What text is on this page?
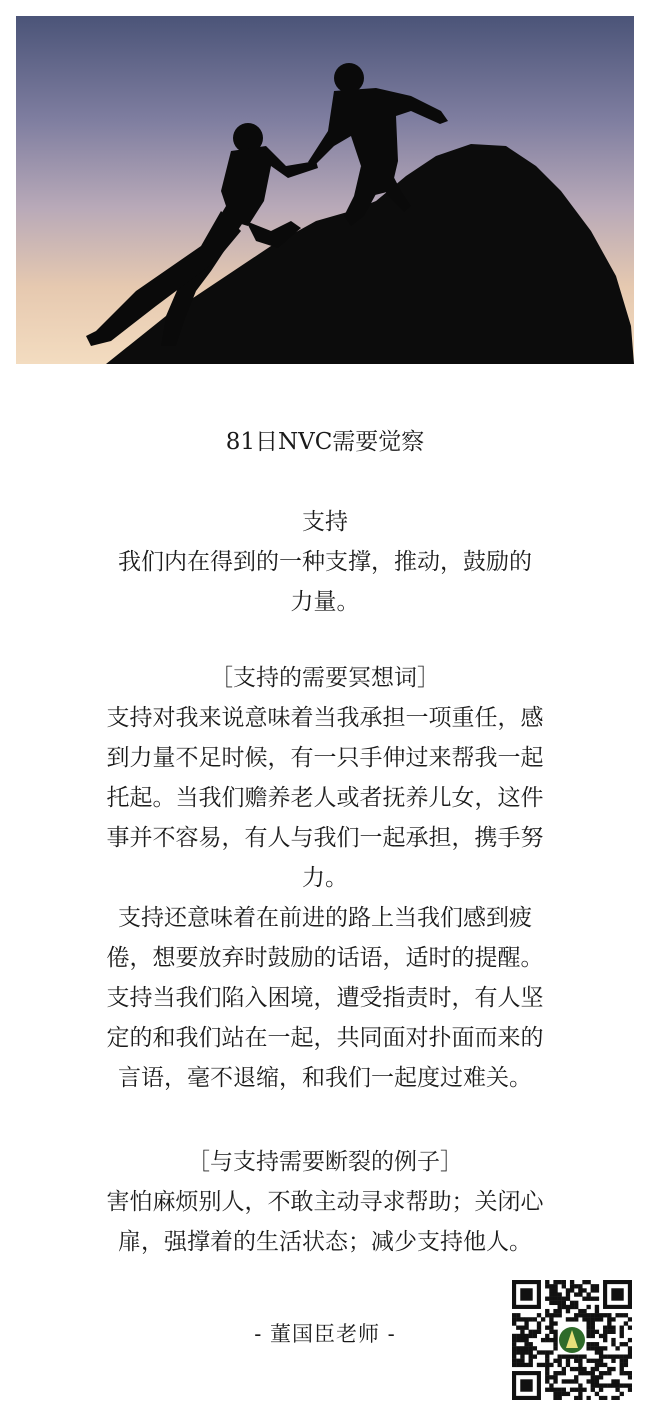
81日NVC需要觉察
支持
我们内在得到的一种支撑，推动，鼓励的
力量。
［支持的需要冥想词］
支持对我来说意味着当我承担一项重任，感
到力量不足时候，有一只手伸过来帮我一起
托起。当我们赡养老人或者抚养儿女，这件
事并不容易，有人与我们一起承担，携手努
力。
支持还意味着在前进的路上当我们感到疲
倦，想要放弃时鼓励的话语，适时的提醒。
支持当我们陷入困境，遭受指责时，有人坚
定的和我们站在一起，共同面对扑面而来的
言语，毫不退缩，和我们一起度过难关。
［与支持需要断裂的例子］
害怕麻烦别人，不敢主动寻求帮助；关闭心
扉，强撑着的生活状态；减少支持他人。
- 董国臣老师 -
